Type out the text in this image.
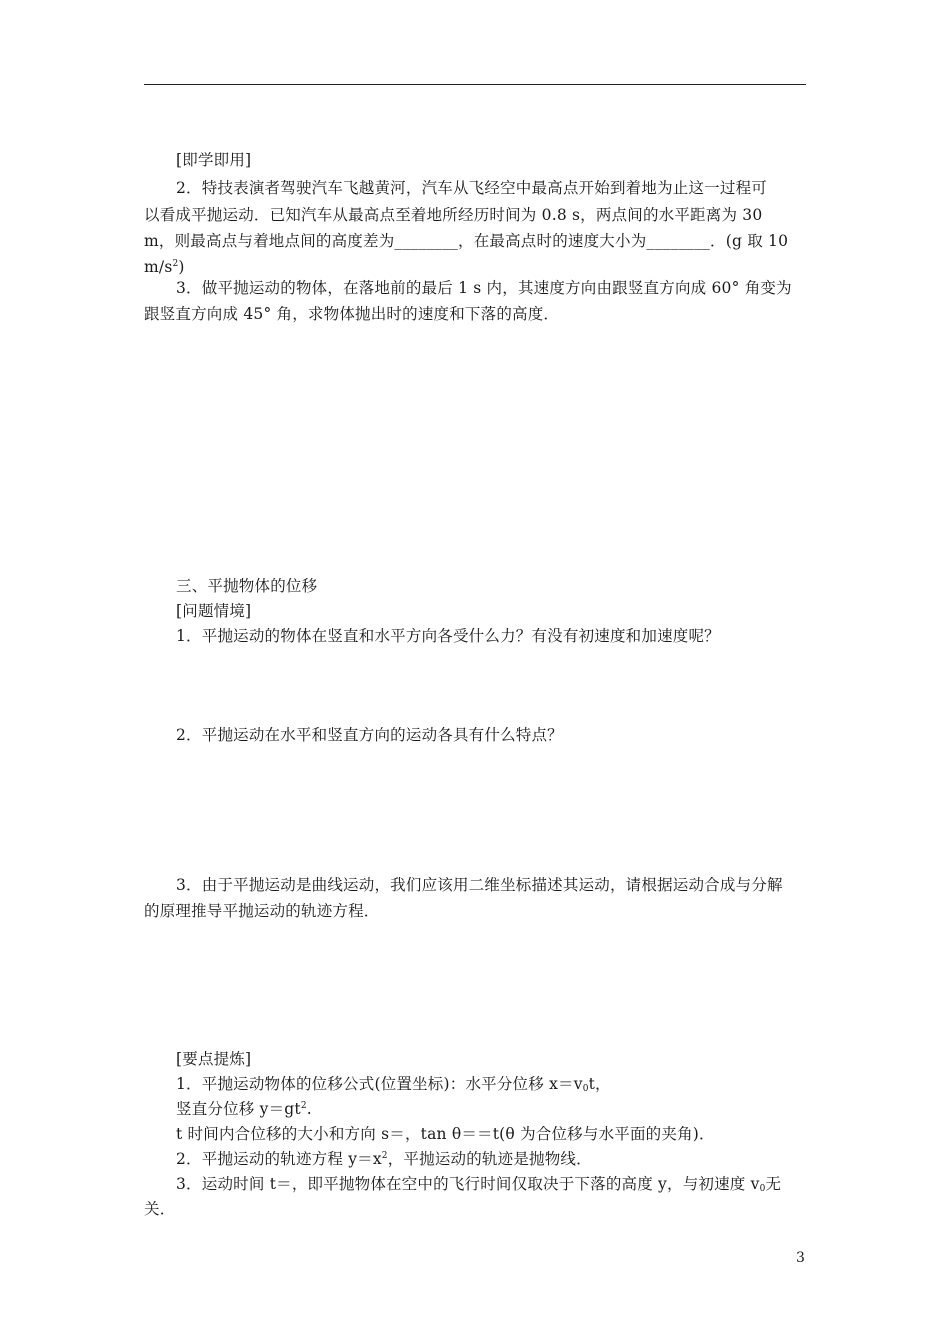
[即学即用]
2．特技表演者驾驶汽车飞越黄河，汽车从飞经空中最高点开始到着地为止这一过程可
以看成平抛运动．已知汽车从最高点至着地所经历时间为 0.8 s，两点间的水平距离为 30
m，则最高点与着地点间的高度差为________，在最高点时的速度大小为________．(g 取 10
$m/s^2$)
3．做平抛运动的物体，在落地前的最后 1 s 内，其速度方向由跟竖直方向成 60° 角变为
跟竖直方向成 45° 角，求物体抛出时的速度和下落的高度．
三、平抛物体的位移
[问题情境]
1．平抛运动的物体在竖直和水平方向各受什么力？有没有初速度和加速度呢？
2．平抛运动在水平和竖直方向的运动各具有什么特点？
3．由于平抛运动是曲线运动，我们应该用二维坐标描述其运动，请根据运动合成与分解
的原理推导平抛运动的轨迹方程．
[要点提炼]
1．平抛运动物体的位移公式(位置坐标)：水平分位移 $x=v_0t$，
竖直分位移 $y=gt^2$.
t 时间内合位移的大小和方向 s＝，tan θ＝＝t(θ 为合位移与水平面的夹角)．
2．平抛运动的轨迹方程 $y=x^2$，平抛运动的轨迹是抛物线．
3．运动时间 t＝，即平抛物体在空中的飞行时间仅取决于下落的高度 y，与初速度 $v_0$无
关．
3
